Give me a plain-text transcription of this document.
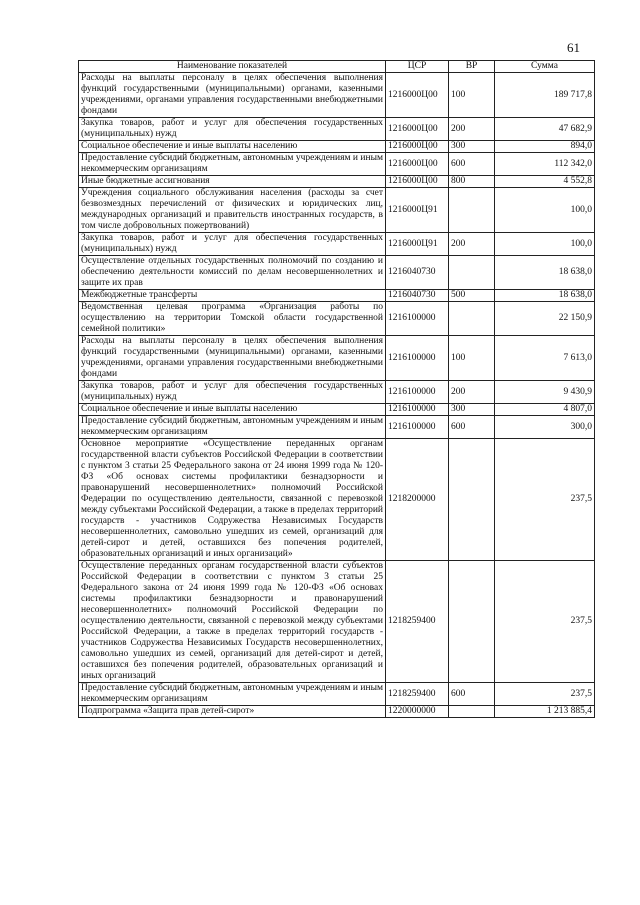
61
Наименование показателей	ЦСР	ВР	Сумма
Расходы на выплаты персоналу в целях обеспечения выполнения функций государственными (муниципальными) органами, казенными учреждениями, органами управления государственными внебюджетными фондами	1216000Ц00	100	189 717,8
Закупка товаров, работ и услуг для обеспечения государственных (муниципальных) нужд	1216000Ц00	200	47 682,9
Социальное обеспечение и иные выплаты населению	1216000Ц00	300	894,0
Предоставление субсидий бюджетным, автономным учреждениям и иным некоммерческим организациям	1216000Ц00	600	112 342,0
Иные бюджетные ассигнования	1216000Ц00	800	4 552,8
Учреждения социального обслуживания населения (расходы за счет безвозмездных перечислений от физических и юридических лиц, международных организаций и правительств иностранных государств, в том числе добровольных пожертвований)	1216000Ц91		100,0
Закупка товаров, работ и услуг для обеспечения государственных (муниципальных) нужд	1216000Ц91	200	100,0
Осуществление отдельных государственных полномочий по созданию и обеспечению деятельности комиссий по делам несовершеннолетних и защите их прав	1216040730		18 638,0
Межбюджетные трансферты	1216040730	500	18 638,0
Ведомственная целевая программа «Организация работы по осуществлению на территории Томской области государственной семейной политики»	1216100000		22 150,9
Расходы на выплаты персоналу в целях обеспечения выполнения функций государственными (муниципальными) органами, казенными учреждениями, органами управления государственными внебюджетными фондами	1216100000	100	7 613,0
Закупка товаров, работ и услуг для обеспечения государственных (муниципальных) нужд	1216100000	200	9 430,9
Социальное обеспечение и иные выплаты населению	1216100000	300	4 807,0
Предоставление субсидий бюджетным, автономным учреждениям и иным некоммерческим организациям	1216100000	600	300,0
Основное мероприятие «Осуществление переданных органам государственной власти субъектов Российской Федерации в соответствии с пунктом 3 статьи 25 Федерального закона от 24 июня 1999 года № 120-ФЗ «Об основах системы профилактики безнадзорности и правонарушений несовершеннолетних» полномочий Российской Федерации по осуществлению деятельности, связанной с перевозкой между субъектами Российской Федерации, а также в пределах территорий государств - участников Содружества Независимых Государств несовершеннолетних, самовольно ушедших из семей, организаций для детей-сирот и детей, оставшихся без попечения родителей, образовательных организаций и иных организаций»	1218200000		237,5
Осуществление переданных органам государственной власти субъектов Российской Федерации в соответствии с пунктом 3 статьи 25 Федерального закона от 24 июня 1999 года № 120-ФЗ «Об основах системы профилактики безнадзорности и правонарушений несовершеннолетних» полномочий Российской Федерации по осуществлению деятельности, связанной с перевозкой между субъектами Российской Федерации, а также в пределах территорий государств - участников Содружества Независимых Государств несовершеннолетних, самовольно ушедших из семей, организаций для детей-сирот и детей, оставшихся без попечения родителей, образовательных организаций и иных организаций	1218259400		237,5
Предоставление субсидий бюджетным, автономным учреждениям и иным некоммерческим организациям	1218259400	600	237,5
Подпрограмма «Защита прав детей-сирот»	1220000000		1 213 885,4
